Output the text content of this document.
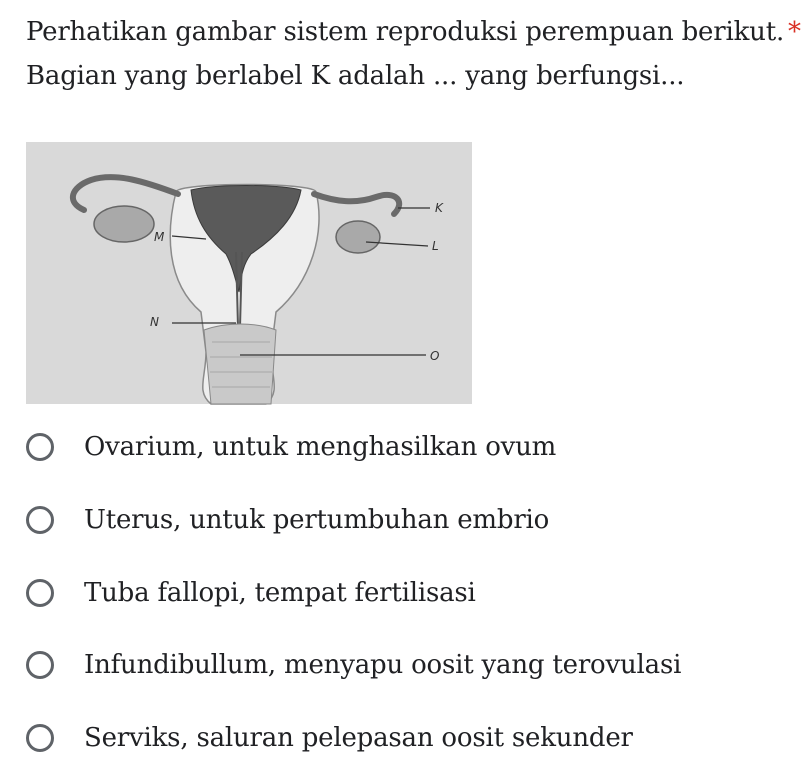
Perhatikan gambar sistem reproduksi perempuan berikut. *
Bagian yang berlabel K adalah ... yang berfungsi...
K
L
M
N
O
Ovarium, untuk menghasilkan ovum
Uterus, untuk pertumbuhan embrio
Tuba fallopi, tempat fertilisasi
Infundibullum, menyapu oosit yang terovulasi
Serviks, saluran pelepasan oosit sekunder
